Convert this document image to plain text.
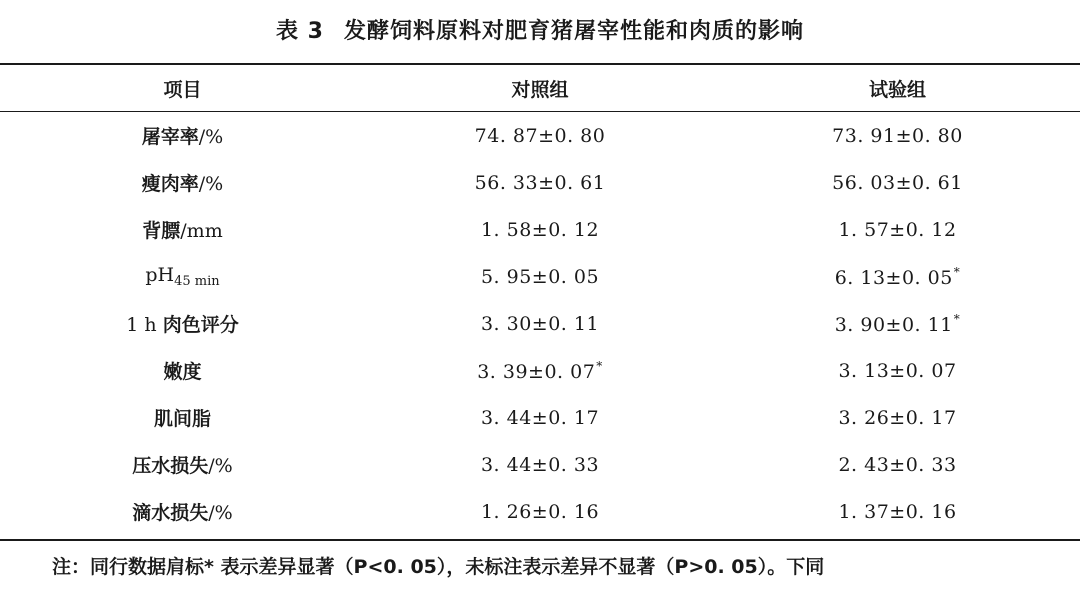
表 3 发酵饲料原料对肥育猪屠宰性能和肉质的影响
项目	对照组	试验组
屠宰率/%	74. 87±0. 80	73. 91±0. 80
瘦肉率/%	56. 33±0. 61	56. 03±0. 61
背膘/mm	1. 58±0. 12	1. 57±0. 12
$pH_{45 min}$	5. 95±0. 05	6. 13±0. 05*
1 h 肉色评分	3. 30±0. 11	3. 90±0. 11*
嫩度	3. 39±0. 07*	3. 13±0. 07
肌间脂	3. 44±0. 17	3. 26±0. 17
压水损失/%	3. 44±0. 33	2. 43±0. 33
滴水损失/%	1. 26±0. 16	1. 37±0. 16
注：同行数据肩标* 表示差异显著（P<0. 05），未标注表示差异不显著（P>0. 05）。下同
